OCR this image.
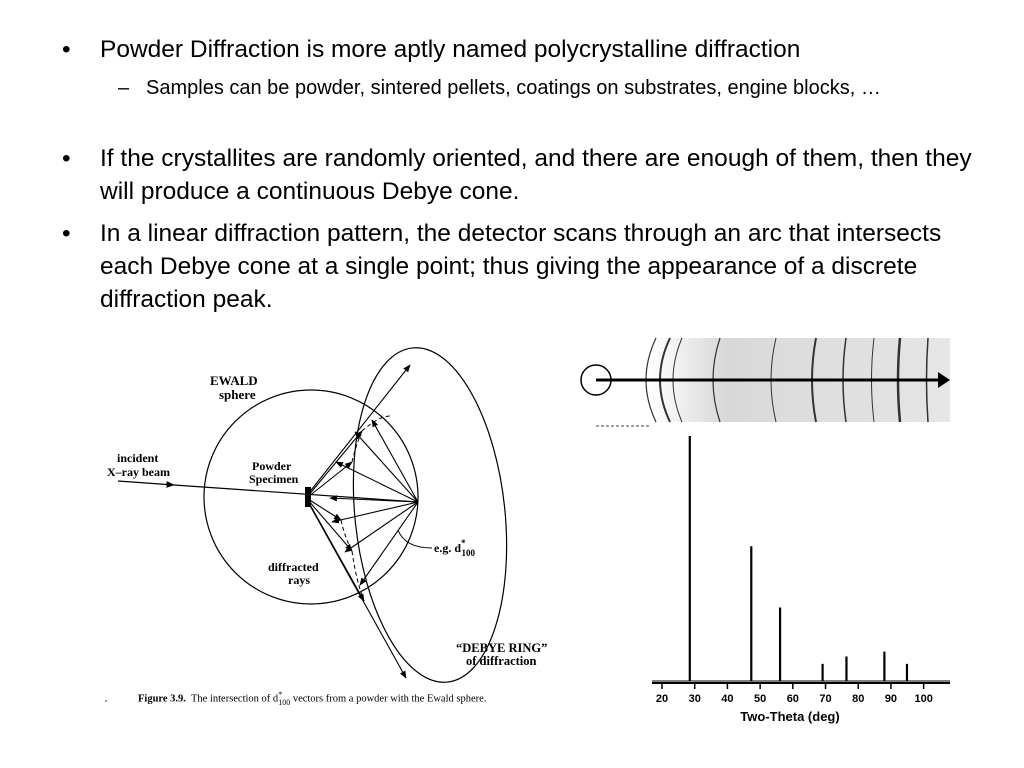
• Powder Diffraction is more aptly named polycrystalline diffraction
– Samples can be powder, sintered pellets, coatings on substrates, engine blocks, …
• If the crystallites are randomly oriented, and there are enough of them, then they will produce a continuous Debye cone.
• In a linear diffraction pattern, the detector scans through an arc that intersects each Debye cone at a single point; thus giving the appearance of a discrete diffraction peak.
EWALD
sphere
incident
X–ray beam	Powder
Specimen
diffracted
rays
e.g. d* 100
“DEBYE RING”
of diffraction
Figure 3.9. The intersection of $d^*_{100}$ vectors from a powder with the Ewald sphere.	20 30 40 50 60 70 80 90 100
Two-Theta (deg)
